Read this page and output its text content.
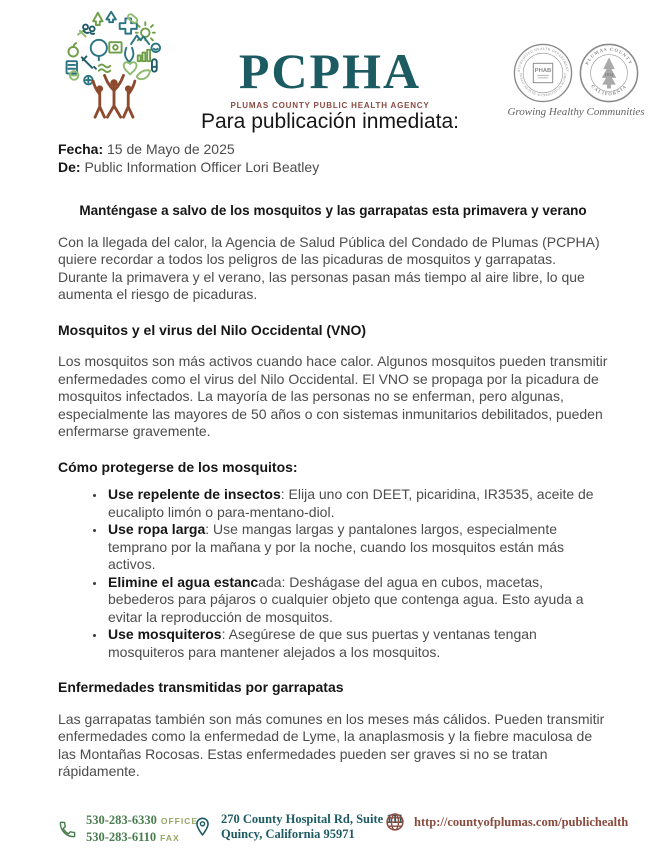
PCPHA
PLUMAS COUNTY PUBLIC HEALTH AGENCY
ACCREDITED HEALTH DEPARTMENT
PUBLIC HEALTH ACCREDITATION BOARD
PHAB
PLUMAS COUNTY
CALIFORNIA
1854
Growing Healthy Communities
Para publicación inmediata:

Fecha: 15 de Mayo de 2025

De: Public Information Officer Lori Beatley

Manténgase a salvo de los mosquitos y las garrapatas esta primavera y verano

Con la llegada del calor, la Agencia de Salud Pública del Condado de Plumas (PCPHA) quiere recordar a todos los peligros de las picaduras de mosquitos y garrapatas. Durante la primavera y el verano, las personas pasan más tiempo al aire libre, lo que aumenta el riesgo de picaduras.

Mosquitos y el virus del Nilo Occidental (VNO)

Los mosquitos son más activos cuando hace calor. Algunos mosquitos pueden transmitir enfermedades como el virus del Nilo Occidental. El VNO se propaga por la picadura de mosquitos infectados. La mayoría de las personas no se enferman, pero algunas, especialmente las mayores de 50 años o con sistemas inmunitarios debilitados, pueden enfermarse gravemente.

Cómo protegerse de los mosquitos:

• Use repelente de insectos: Elija uno con DEET, picaridina, IR3535, aceite de eucalipto limón o para-mentano-diol.
• Use ropa larga: Use mangas largas y pantalones largos, especialmente temprano por la mañana y por la noche, cuando los mosquitos están más activos.
• Elimine el agua estancada: Deshágase del agua en cubos, macetas, bebederos para pájaros o cualquier objeto que contenga agua. Esto ayuda a evitar la reproducción de mosquitos.
• Use mosquiteros: Asegúrese de que sus puertas y ventanas tengan mosquiteros para mantener alejados a los mosquitos.

Enfermedades transmitidas por garrapatas

Las garrapatas también son más comunes en los meses más cálidos. Pueden transmitir enfermedades como la enfermedad de Lyme, la anaplasmosis y la fiebre maculosa de las Montañas Rocosas. Estas enfermedades pueden ser graves si no se tratan rápidamente.

530-283-6330 OFFICE
530-283-6110 FAX
270 County Hospital Rd, Suite 111
Quincy, California 95971
http://countyofplumas.com/publichealth
